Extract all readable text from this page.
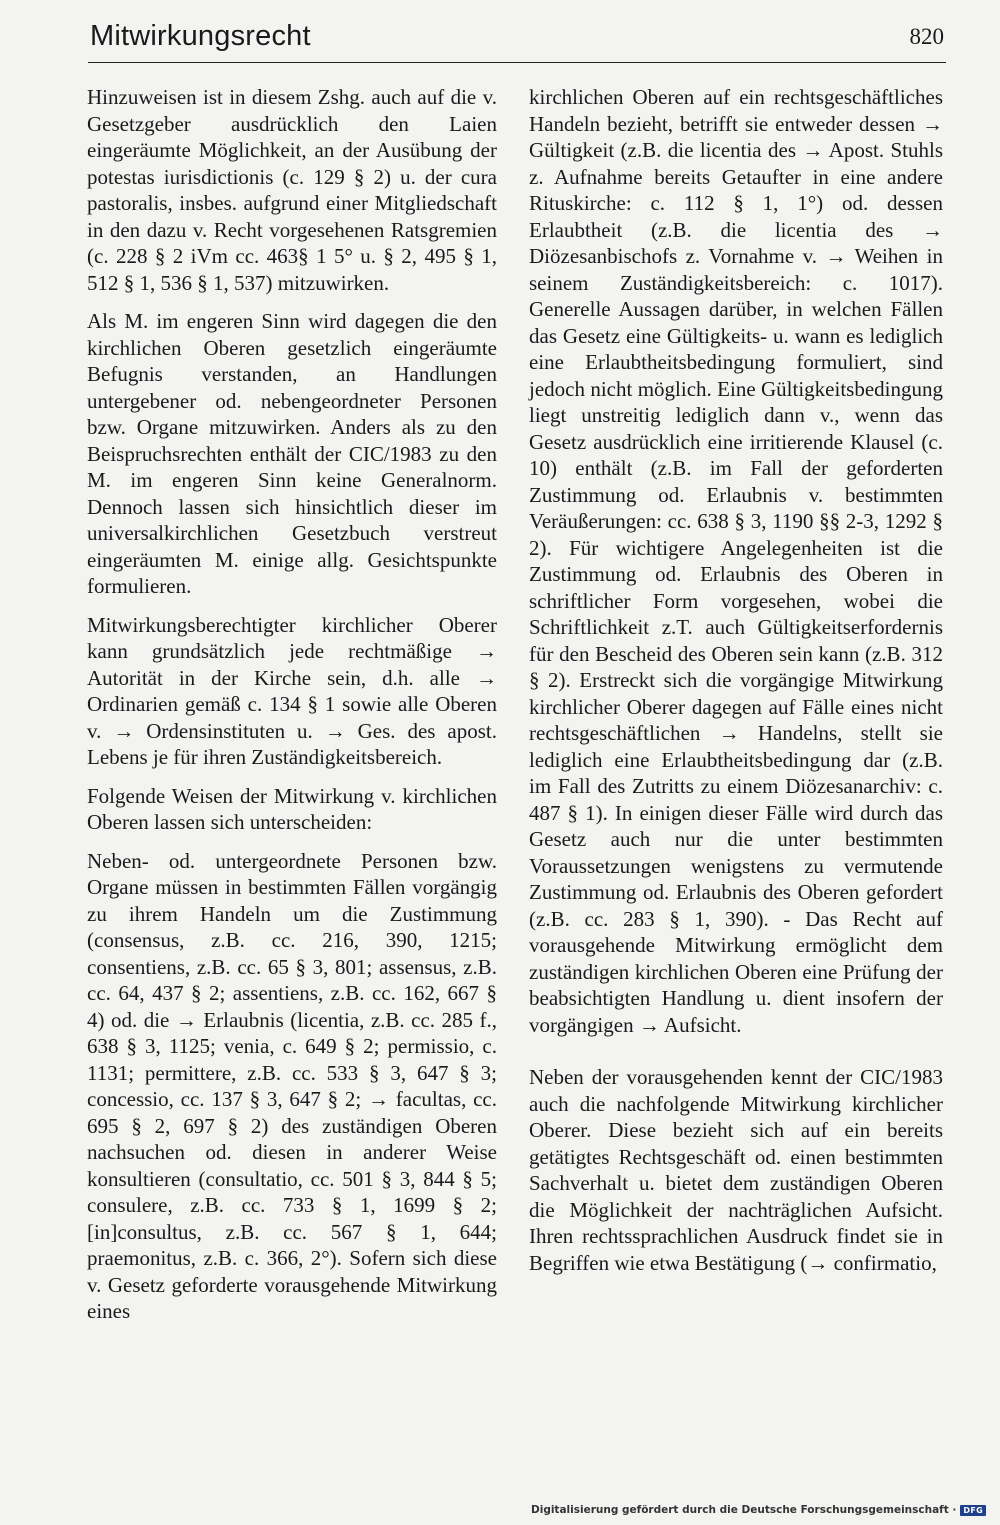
Mitwirkungsrecht	820

Hinzuweisen ist in diesem Zshg. auch auf die v. Gesetzgeber ausdrücklich den Laien eingeräumte Möglichkeit, an der Ausübung der potestas iurisdictionis (c. 129 § 2) u. der cura pastoralis, insbes. aufgrund einer Mitgliedschaft in den dazu v. Recht vorgesehenen Ratsgremien (c. 228 § 2 iVm cc. 463§ 1 5° u. § 2, 495 § 1, 512 § 1, 536 § 1, 537) mitzuwirken.

Als M. im engeren Sinn wird dagegen die den kirchlichen Oberen gesetzlich eingeräumte Befugnis verstanden, an Handlungen untergebener od. nebengeordneter Personen bzw. Organe mitzuwirken. Anders als zu den Beispruchsrechten enthält der CIC/1983 zu den M. im engeren Sinn keine Generalnorm. Dennoch lassen sich hinsichtlich dieser im universalkirchlichen Gesetzbuch verstreut eingeräumten M. einige allg. Gesichtspunkte formulieren.

Mitwirkungsberechtigter kirchlicher Oberer kann grundsätzlich jede rechtmäßige → Autorität in der Kirche sein, d.h. alle → Ordinarien gemäß c. 134 § 1 sowie alle Oberen v. → Ordensinstituten u. → Ges. des apost. Lebens je für ihren Zuständigkeitsbereich.

Folgende Weisen der Mitwirkung v. kirchlichen Oberen lassen sich unterscheiden:

Neben- od. untergeordnete Personen bzw. Organe müssen in bestimmten Fällen vorgängig zu ihrem Handeln um die Zustimmung (consensus, z.B. cc. 216, 390, 1215; consentiens, z.B. cc. 65 § 3, 801; assensus, z.B. cc. 64, 437 § 2; assentiens, z.B. cc. 162, 667 § 4) od. die → Erlaubnis (licentia, z.B. cc. 285 f., 638 § 3, 1125; venia, c. 649 § 2; permissio, c. 1131; permittere, z.B. cc. 533 § 3, 647 § 3; concessio, cc. 137 § 3, 647 § 2; → facultas, cc. 695 § 2, 697 § 2) des zuständigen Oberen nachsuchen od. diesen in anderer Weise konsultieren (consultatio, cc. 501 § 3, 844 § 5; consulere, z.B. cc. 733 § 1, 1699 § 2; [in]consultus, z.B. cc. 567 § 1, 644; praemonitus, z.B. c. 366, 2°). Sofern sich diese v. Gesetz geforderte vorausgehende Mitwirkung eines

kirchlichen Oberen auf ein rechtsgeschäftliches Handeln bezieht, betrifft sie entweder dessen → Gültigkeit (z.B. die licentia des → Apost. Stuhls z. Aufnahme bereits Getaufter in eine andere Rituskirche: c. 112 § 1, 1°) od. dessen Erlaubtheit (z.B. die licentia des → Diözesanbischofs z. Vornahme v. → Weihen in seinem Zuständigkeitsbereich: c. 1017). Generelle Aussagen darüber, in welchen Fällen das Gesetz eine Gültigkeits- u. wann es lediglich eine Erlaubtheitsbedingung formuliert, sind jedoch nicht möglich. Eine Gültigkeitsbedingung liegt unstreitig lediglich dann v., wenn das Gesetz ausdrücklich eine irritierende Klausel (c. 10) enthält (z.B. im Fall der geforderten Zustimmung od. Erlaubnis v. bestimmten Veräußerungen: cc. 638 § 3, 1190 §§ 2-3, 1292 § 2). Für wichtigere Angelegenheiten ist die Zustimmung od. Erlaubnis des Oberen in schriftlicher Form vorgesehen, wobei die Schriftlichkeit z.T. auch Gültigkeitserfordernis für den Bescheid des Oberen sein kann (z.B. 312 § 2). Erstreckt sich die vorgängige Mitwirkung kirchlicher Oberer dagegen auf Fälle eines nicht rechtsgeschäftlichen → Handelns, stellt sie lediglich eine Erlaubtheitsbedingung dar (z.B. im Fall des Zutritts zu einem Diözesanarchiv: c. 487 § 1). In einigen dieser Fälle wird durch das Gesetz auch nur die unter bestimmten Voraussetzungen wenigstens zu vermutende Zustimmung od. Erlaubnis des Oberen gefordert (z.B. cc. 283 § 1, 390). - Das Recht auf vorausgehende Mitwirkung ermöglicht dem zuständigen kirchlichen Oberen eine Prüfung der beabsichtigten Handlung u. dient insofern der vorgängigen → Aufsicht.

Neben der vorausgehenden kennt der CIC/1983 auch die nachfolgende Mitwirkung kirchlicher Oberer. Diese bezieht sich auf ein bereits getätigtes Rechtsgeschäft od. einen bestimmten Sachverhalt u. bietet dem zuständigen Oberen die Möglichkeit der nachträglichen Aufsicht. Ihren rechtssprachlichen Ausdruck findet sie in Begriffen wie etwa Bestätigung (→ confirmatio,

Digitalisierung gefördert durch die Deutsche Forschungsgemeinschaft · DFG
